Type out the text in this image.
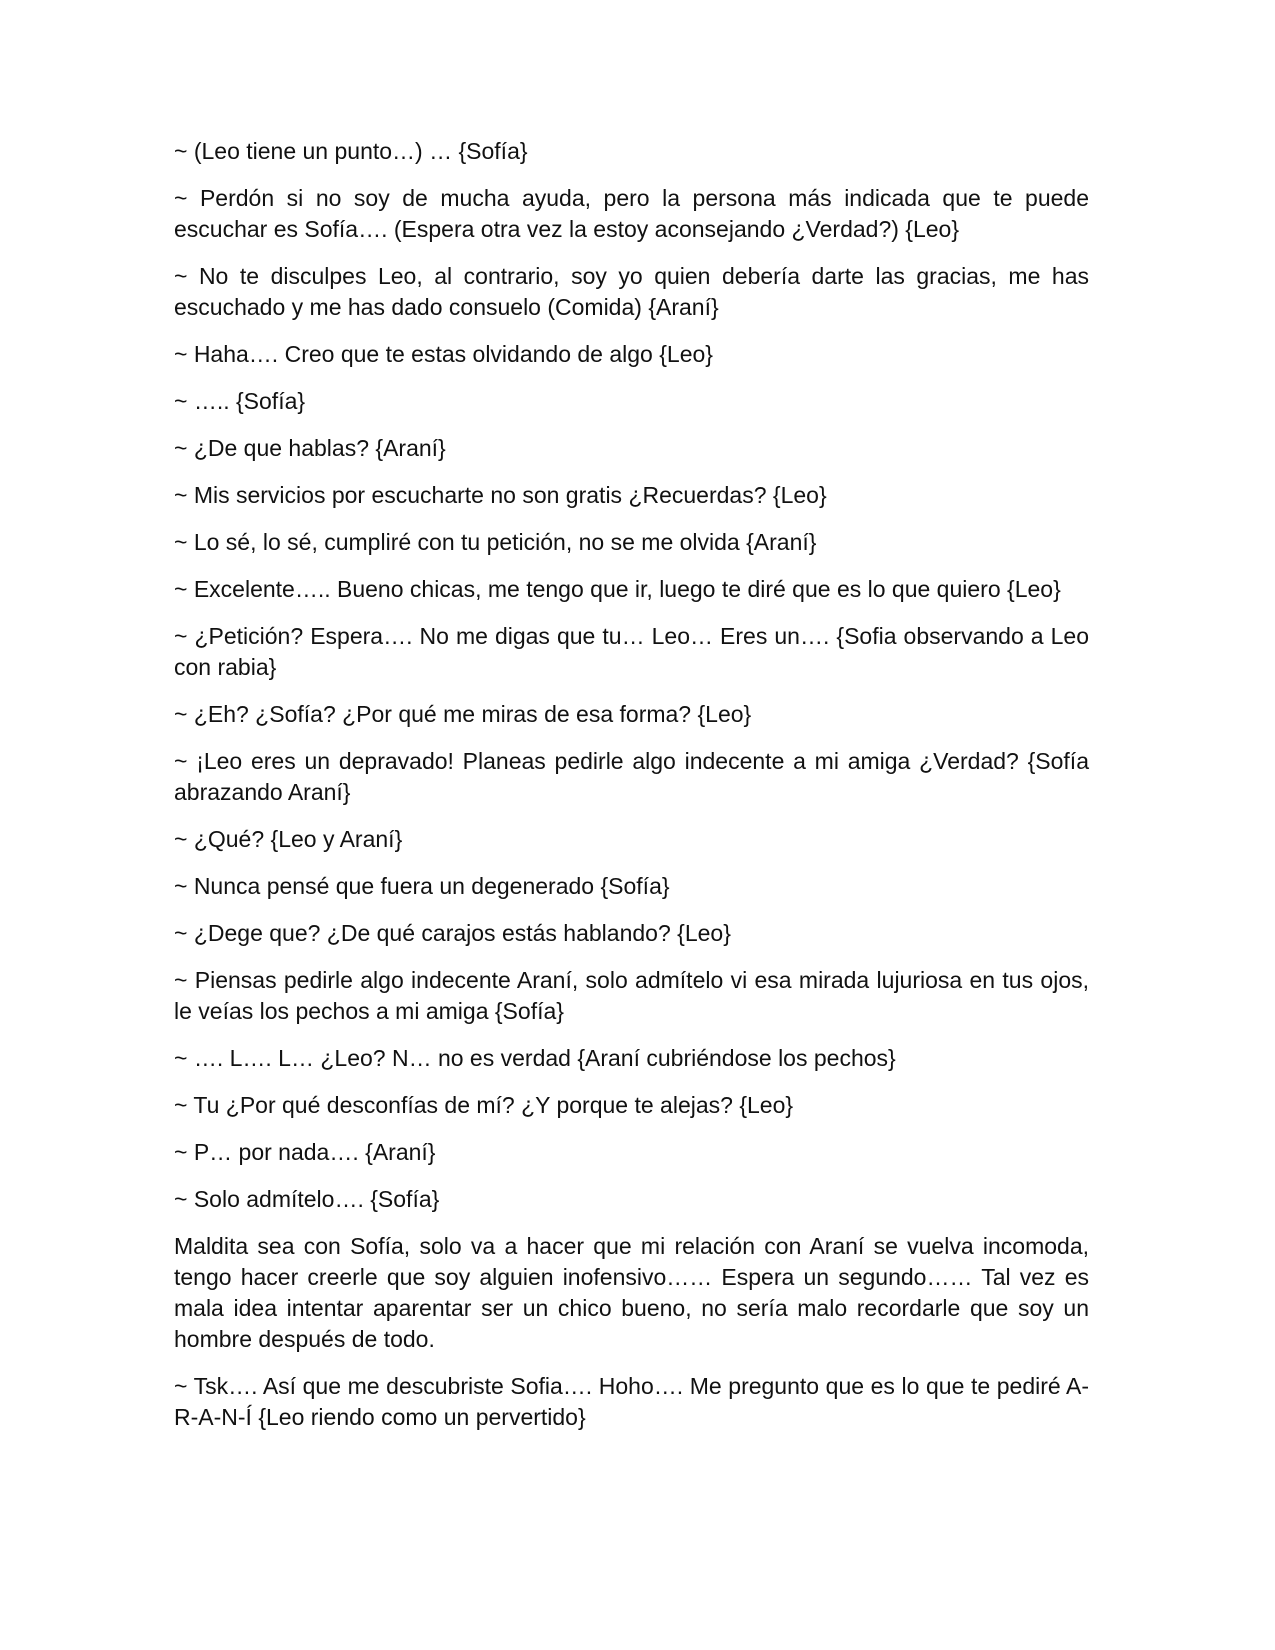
~ (Leo tiene un punto…) … {Sofía}

~ Perdón si no soy de mucha ayuda, pero la persona más indicada que te puede escuchar es Sofía…. (Espera otra vez la estoy aconsejando ¿Verdad?) {Leo}

~ No te disculpes Leo, al contrario, soy yo quien debería darte las gracias, me has escuchado y me has dado consuelo (Comida) {Araní}

~ Haha…. Creo que te estas olvidando de algo {Leo}

~ ….. {Sofía}

~ ¿De que hablas? {Araní}

~ Mis servicios por escucharte no son gratis ¿Recuerdas? {Leo}

~ Lo sé, lo sé, cumpliré con tu petición, no se me olvida {Araní}

~ Excelente….. Bueno chicas, me tengo que ir, luego te diré que es lo que quiero {Leo}

~ ¿Petición? Espera…. No me digas que tu… Leo… Eres un…. {Sofia observando a Leo con rabia}

~ ¿Eh? ¿Sofía? ¿Por qué me miras de esa forma? {Leo}

~ ¡Leo eres un depravado! Planeas pedirle algo indecente a mi amiga ¿Verdad? {Sofía abrazando Araní}

~ ¿Qué? {Leo y Araní}

~ Nunca pensé que fuera un degenerado {Sofía}

~ ¿Dege que? ¿De qué carajos estás hablando? {Leo}

~ Piensas pedirle algo indecente Araní, solo admítelo vi esa mirada lujuriosa en tus ojos, le veías los pechos a mi amiga {Sofía}

~ …. L…. L… ¿Leo? N… no es verdad {Araní cubriéndose los pechos}

~ Tu ¿Por qué desconfías de mí? ¿Y porque te alejas? {Leo}

~ P… por nada…. {Araní}

~ Solo admítelo…. {Sofía}

Maldita sea con Sofía, solo va a hacer que mi relación con Araní se vuelva incomoda, tengo hacer creerle que soy alguien inofensivo…… Espera un segundo…… Tal vez es mala idea intentar aparentar ser un chico bueno, no sería malo recordarle que soy un hombre después de todo.

~ Tsk…. Así que me descubriste Sofia…. Hoho…. Me pregunto que es lo que te pediré A-R-A-N-Í {Leo riendo como un pervertido}
